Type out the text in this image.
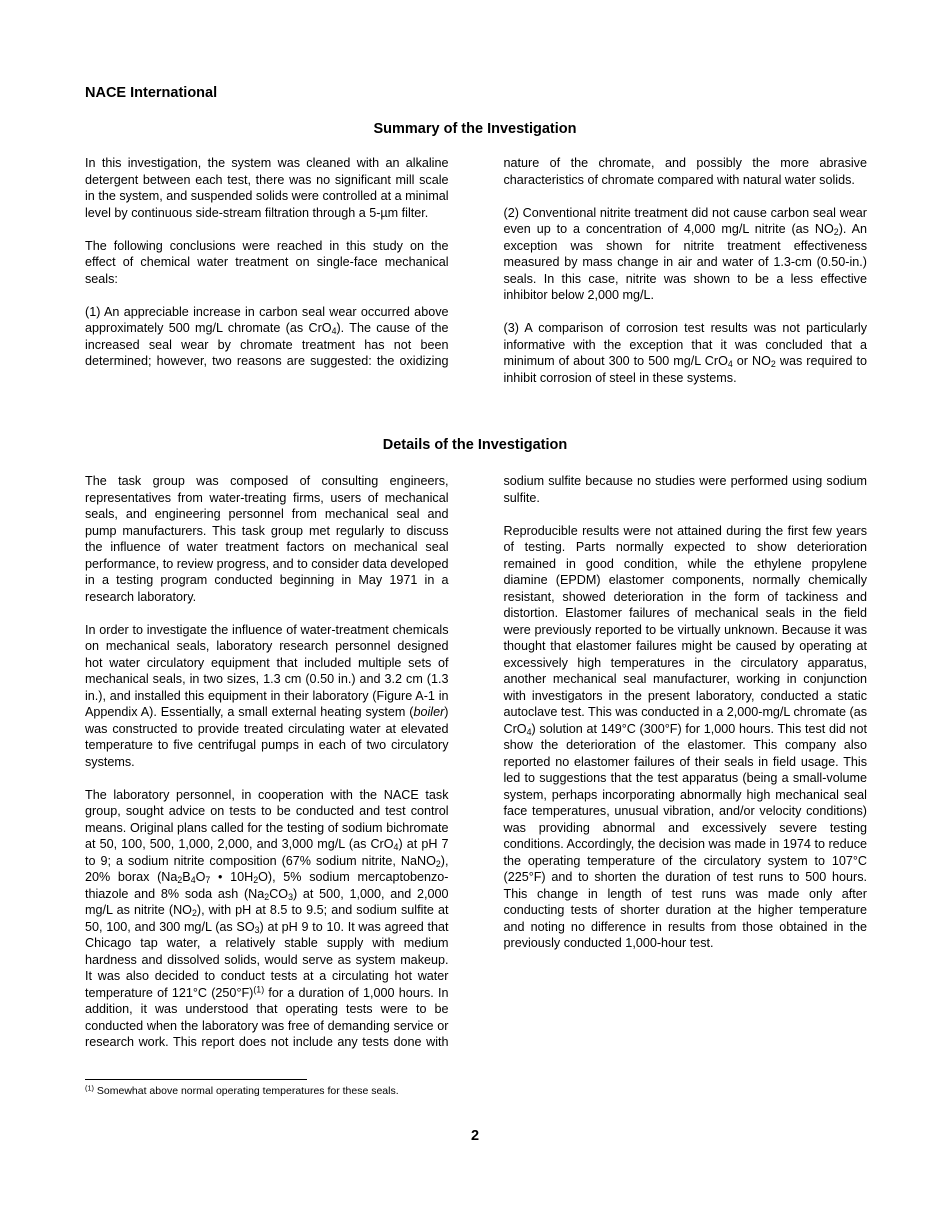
NACE International
Summary of the Investigation

In this investigation, the system was cleaned with an alkaline detergent between each test, there was no significant mill scale in the system, and suspended solids were controlled at a minimal level by continuous side-stream filtration through a 5-µm filter.

The following conclusions were reached in this study on the effect of chemical water treatment on single-face mechanical seals:

(1) An appreciable increase in carbon seal wear occurred above approximately 500 mg/L chromate (as CrO$_4$). The cause of the increased seal wear by chromate treatment has not been determined; however, two reasons are suggested: the oxidizing nature of the chromate, and possibly the more abrasive characteristics of chromate compared with natural water solids.

(2) Conventional nitrite treatment did not cause carbon seal wear even up to a concentration of 4,000 mg/L nitrite (as $NO_2$). An exception was shown for nitrite treatment effectiveness measured by mass change in air and water of 1.3-cm (0.50-in.) seals. In this case, nitrite was shown to be a less effective inhibitor below 2,000 mg/L.

(3) A comparison of corrosion test results was not particularly informative with the exception that it was concluded that a minimum of about 300 to 500 mg/L CrO$_4$ or $NO_2$ was required to inhibit corrosion of steel in these systems.

Details of the Investigation

The task group was composed of consulting engineers, representatives from water-treating firms, users of mechanical seals, and engineering personnel from mechanical seal and pump manufacturers. This task group met regularly to discuss the influence of water treatment factors on mechanical seal performance, to review progress, and to consider data developed in a testing program conducted beginning in May 1971 in a research laboratory.

In order to investigate the influence of water-treatment chemicals on mechanical seals, laboratory research personnel designed hot water circulatory equipment that included multiple sets of mechanical seals, in two sizes, 1.3 cm (0.50 in.) and 3.2 cm (1.3 in.), and installed this equipment in their laboratory (Figure A-1 in Appendix A). Essentially, a small external heating system (boiler) was constructed to provide treated circulating water at elevated temperature to five centrifugal pumps in each of two circulatory systems.

The laboratory personnel, in cooperation with the NACE task group, sought advice on tests to be conducted and test control means. Original plans called for the testing of sodium bichromate at 50, 100, 500, 1,000, 2,000, and 3,000 mg/L (as CrO$_4$) at pH 7 to 9; a sodium nitrite composition (67% sodium nitrite, NaNO$_2$), 20% borax ($Na_2B_4O_7$ • $10H_2O$), 5% sodium mercaptobenzo-thiazole and 8% soda ash $(Na_2CO_3)$ at 500, 1,000, and 2,000 mg/L as nitrite $(NO_2)$, with pH at 8.5 to 9.5; and sodium sulfite at 50, 100, and 300 mg/L (as $SO_3$) at pH 9 to 10. It was agreed that Chicago tap water, a relatively stable supply with medium hardness and dissolved solids, would serve as system makeup. It was also decided to conduct tests at a circulating hot water temperature of 121°C $(250^\circ F)^{(1)}$ for a duration of 1,000 hours. In addition, it was understood that operating tests were to be conducted when the laboratory was free of demanding service or research work. This report does not include any tests done with sodium sulfite because no studies were performed using sodium sulfite.

Reproducible results were not attained during the first few years of testing. Parts normally expected to show deterioration remained in good condition, while the ethylene propylene diamine (EPDM) elastomer components, normally chemically resistant, showed deterioration in the form of tackiness and distortion. Elastomer failures of mechanical seals in the field were previously reported to be virtually unknown. Because it was thought that elastomer failures might be caused by operating at excessively high temperatures in the circulatory apparatus, another mechanical seal manufacturer, working in conjunction with investigators in the present laboratory, conducted a static autoclave test. This was conducted in a 2,000-mg/L chromate (as CrO$_4$) solution at 149°C (300°F) for 1,000 hours. This test did not show the deterioration of the elastomer. This company also reported no elastomer failures of their seals in field usage. This led to suggestions that the test apparatus (being a small-volume system, perhaps incorporating abnormally high mechanical seal face temperatures, unusual vibration, and/or velocity conditions) was providing abnormal and excessively severe testing conditions. Accordingly, the decision was made in 1974 to reduce the operating temperature of the circulatory system to 107°C (225°F) and to shorten the duration of test runs to 500 hours. This change in length of test runs was made only after conducting tests of shorter duration at the higher temperature and noting no difference in results from those obtained in the previously conducted 1,000-hour test.

$^{(1)}$ Somewhat above normal operating temperatures for these seals.
2
